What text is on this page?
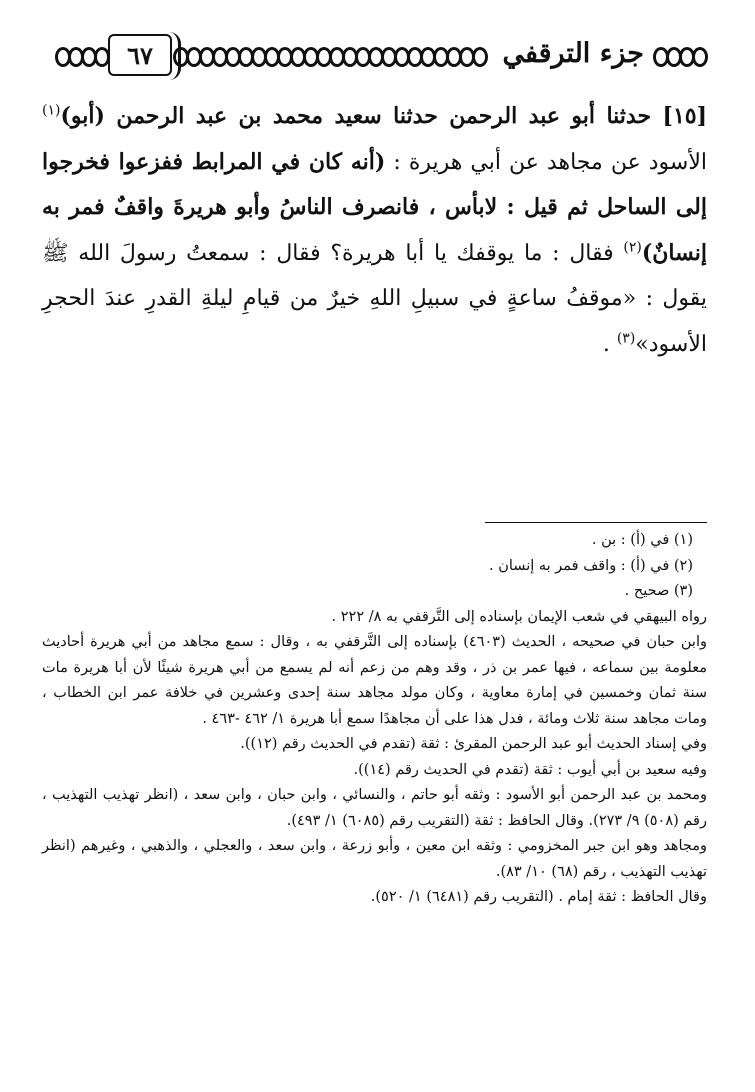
جزء الترقفي
٦٧

[١٥] حدثنا أبو عبد الرحمن حدثنا سعيد محمد بن عبد الرحمن (أبو)$^{(١)}$ الأسود عن مجاهد عن أبي هريرة : (أنه كان في المرابط ففزعوا فخرجوا إلى الساحل ثم قيل : لابأس ، فانصرف الناسُ وأبو هريرةَ واقفٌ فمر به إنسانٌ)$^{(٢)}$ فقال : ما يوقفك يا أبا هريرة؟ فقال : سمعتُ رسولَ الله ﷺ يقول : «موقفُ ساعةٍ في سبيلِ اللهِ خيرٌ من قيامِ ليلةِ القدرِ عندَ الحجرِ الأسود»$^{(٣)}$ .

(١) في (أ) : بن .
(٢) في (أ) : واقف فمر به إنسان .
(٣) صحيح .
رواه البيهقي في شعب الإيمان بإسناده إلى التَّرقفي به ٨/ ٢٢٢ .
وابن حبان في صحيحه ، الحديث (٤٦٠٣) بإسناده إلى التَّرقفي به ، وقال : سمع مجاهد من أبي هريرة أحاديث معلومة بين سماعه ، فيها عمر بن ذر ، وقد وهم من زعم أنه لم يسمع من أبي هريرة شيئًا لأن أبا هريرة مات سنة ثمان وخمسين في إمارة معاوية ، وكان مولد مجاهد سنة إحدى وعشرين في خلافة عمر ابن الخطاب ، ومات مجاهد سنة ثلاث ومائة ، فدل هذا على أن مجاهدًا سمع أبا هريرة ١/ ٤٦٢ -٤٦٣ .
وفي إسناد الحديث أبو عبد الرحمن المقرئ : ثقة (تقدم في الحديث رقم (١٢)).
وفيه سعيد بن أبي أيوب : ثقة (تقدم في الحديث رقم (١٤)).
ومحمد بن عبد الرحمن أبو الأسود : وثقه أبو حاتم ، والنسائي ، وابن حبان ، وابن سعد ، (انظر تهذيب التهذيب ، رقم (٥٠٨) ٩/ ٢٧٣). وقال الحافظ : ثقة (التقريب رقم (٦٠٨٥) ١/ ٤٩٣).
ومجاهد وهو ابن جبر المخزومي : وثقه ابن معين ، وأبو زرعة ، وابن سعد ، والعجلي ، والذهبي ، وغيرهم (انظر تهذيب التهذيب ، رقم (٦٨) ١٠/ ٨٣).
وقال الحافظ : ثقة إمام . (التقريب رقم (٦٤٨١) ١/ ٥٢٠).
